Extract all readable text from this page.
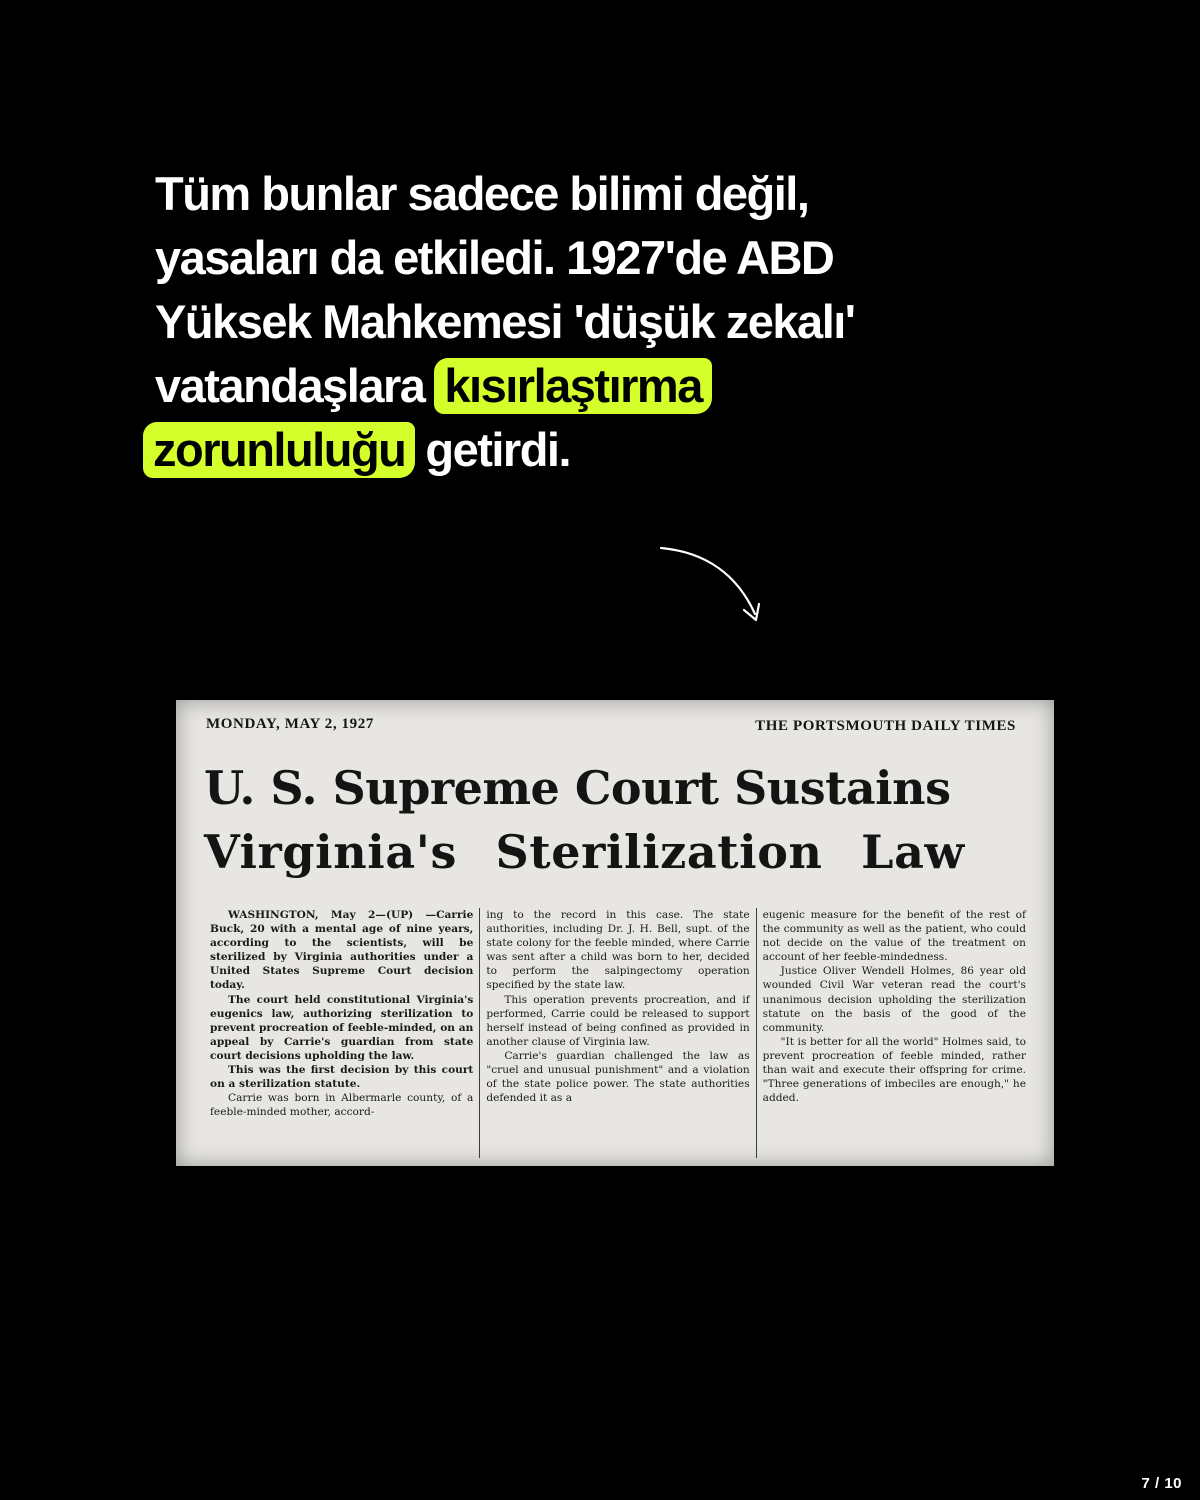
Tüm bunlar sadece bilimi değil,
yasaları da etkiledi. 1927'de ABD
Yüksek Mahkemesi 'düşük zekalı'
vatandaşlara kısırlaştırma
zorunluluğu getirdi.
MONDAY, MAY 2, 1927	THE PORTSMOUTH DAILY TIMES
U. S. Supreme Court Sustains
Virginia's Sterilization Law

WASHINGTON, May 2—(UP) —Carrie Buck, 20 with a mental age of nine years, according to the scientists, will be sterilized by Virginia authorities under a United States Supreme Court decision today.

The court held constitutional Virginia's eugenics law, authorizing sterilization to prevent procreation of feeble-minded, on an appeal by Carrie's guardian from state court decisions upholding the law.

This was the first decision by this court on a sterilization statute.

Carrie was born in Albermarle county, of a feeble-minded mother, accord-

ing to the record in this case. The state authorities, including Dr. J. H. Bell, supt. of the state colony for the feeble minded, where Carrie was sent after a child was born to her, decided to perform the salpingectomy operation specified by the state law.

This operation prevents procreation, and if performed, Carrie could be released to support herself instead of being confined as provided in another clause of Virginia law.

Carrie's guardian challenged the law as "cruel and unusual punishment" and a violation of the state police power. The state authorities defended it as a

eugenic measure for the benefit of the rest of the community as well as the patient, who could not decide on the value of the treatment on account of her feeble-mindedness.

Justice Oliver Wendell Holmes, 86 year old wounded Civil War veteran read the court's unanimous decision upholding the sterilization statute on the basis of the good of the community.

"It is better for all the world" Holmes said, to prevent procreation of feeble minded, rather than wait and execute their offspring for crime. "Three generations of imbeciles are enough," he added.

7 / 10
